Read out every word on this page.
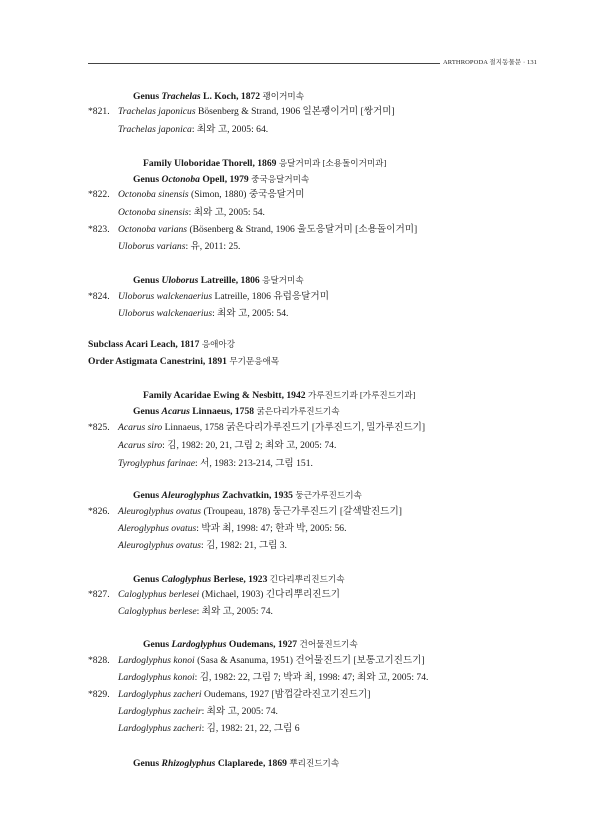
ARTHROPODA 절지동물문 · 131
Genus Trachelas L. Koch, 1872 괭이거미속
*821. Trachelas japonicus Bösenberg & Strand, 1906 일본괭이거미 [쌍거미]
Trachelas japonica: 최와 고, 2005: 64.
Family Uloboridae Thorell, 1869 응달거미과 [소용돌이거미과]
Genus Octonoba Opell, 1979 중국응달거미속
*822. Octonoba sinensis (Simon, 1880) 중국응달거미
Octonoba sinensis: 최와 고, 2005: 54.
*823. Octonoba varians (Bösenberg & Strand, 1906 울도응달거미 [소용돌이거미]
Uloborus varians: 유, 2011: 25.
Genus Uloborus Latreille, 1806 응달거미속
*824. Uloborus walckenaerius Latreille, 1806 유럽응달거미
Uloborus walckenaerius: 최와 고, 2005: 54.
Subclass Acari Leach, 1817 응애아강
Order Astigmata Canestrini, 1891 무기문응애목
Family Acaridae Ewing & Nesbitt, 1942 가루진드기과 [가루진드기과]
Genus Acarus Linnaeus, 1758 굵은다리가루진드기속
*825. Acarus siro Linnaeus, 1758 굵은다리가루진드기 [가루진드기, 밀가루진드기]
Acarus siro: 김, 1982: 20, 21, 그림 2; 최와 고, 2005: 74.
Tyroglyphus farinae: 서, 1983: 213-214, 그림 151.
Genus Aleuroglyphus Zachvatkin, 1935 둥근가루진드기속
*826. Aleuroglyphus ovatus (Troupeau, 1878) 둥근가루진드기 [갈색발진드기]
Aleroglyphus ovatus: 박과 최, 1998: 47; 한과 박, 2005: 56.
Aleuroglyphus ovatus: 김, 1982: 21, 그림 3.
Genus Caloglyphus Berlese, 1923 긴다리뿌리진드기속
*827. Caloglyphus berlesei (Michael, 1903) 긴다리뿌리진드기
Caloglyphus berlese: 최와 고, 2005: 74.
Genus Lardoglyphus Oudemans, 1927 건어물진드기속
*828. Lardoglyphus konoi (Sasa & Asanuma, 1951) 건어물진드기 [보통고기진드기]
Lardoglyphus konoi: 김, 1982: 22, 그림 7; 박과 최, 1998: 47; 최와 고, 2005: 74.
*829. Lardoglyphus zacheri Oudemans, 1927 [밤껍갈라진고기진드기]
Lardoglyphus zacheir: 최와 고, 2005: 74.
Lardoglyphus zacheri: 김, 1982: 21, 22, 그림 6
Genus Rhizoglyphus Claplarede, 1869 뿌리진드기속
